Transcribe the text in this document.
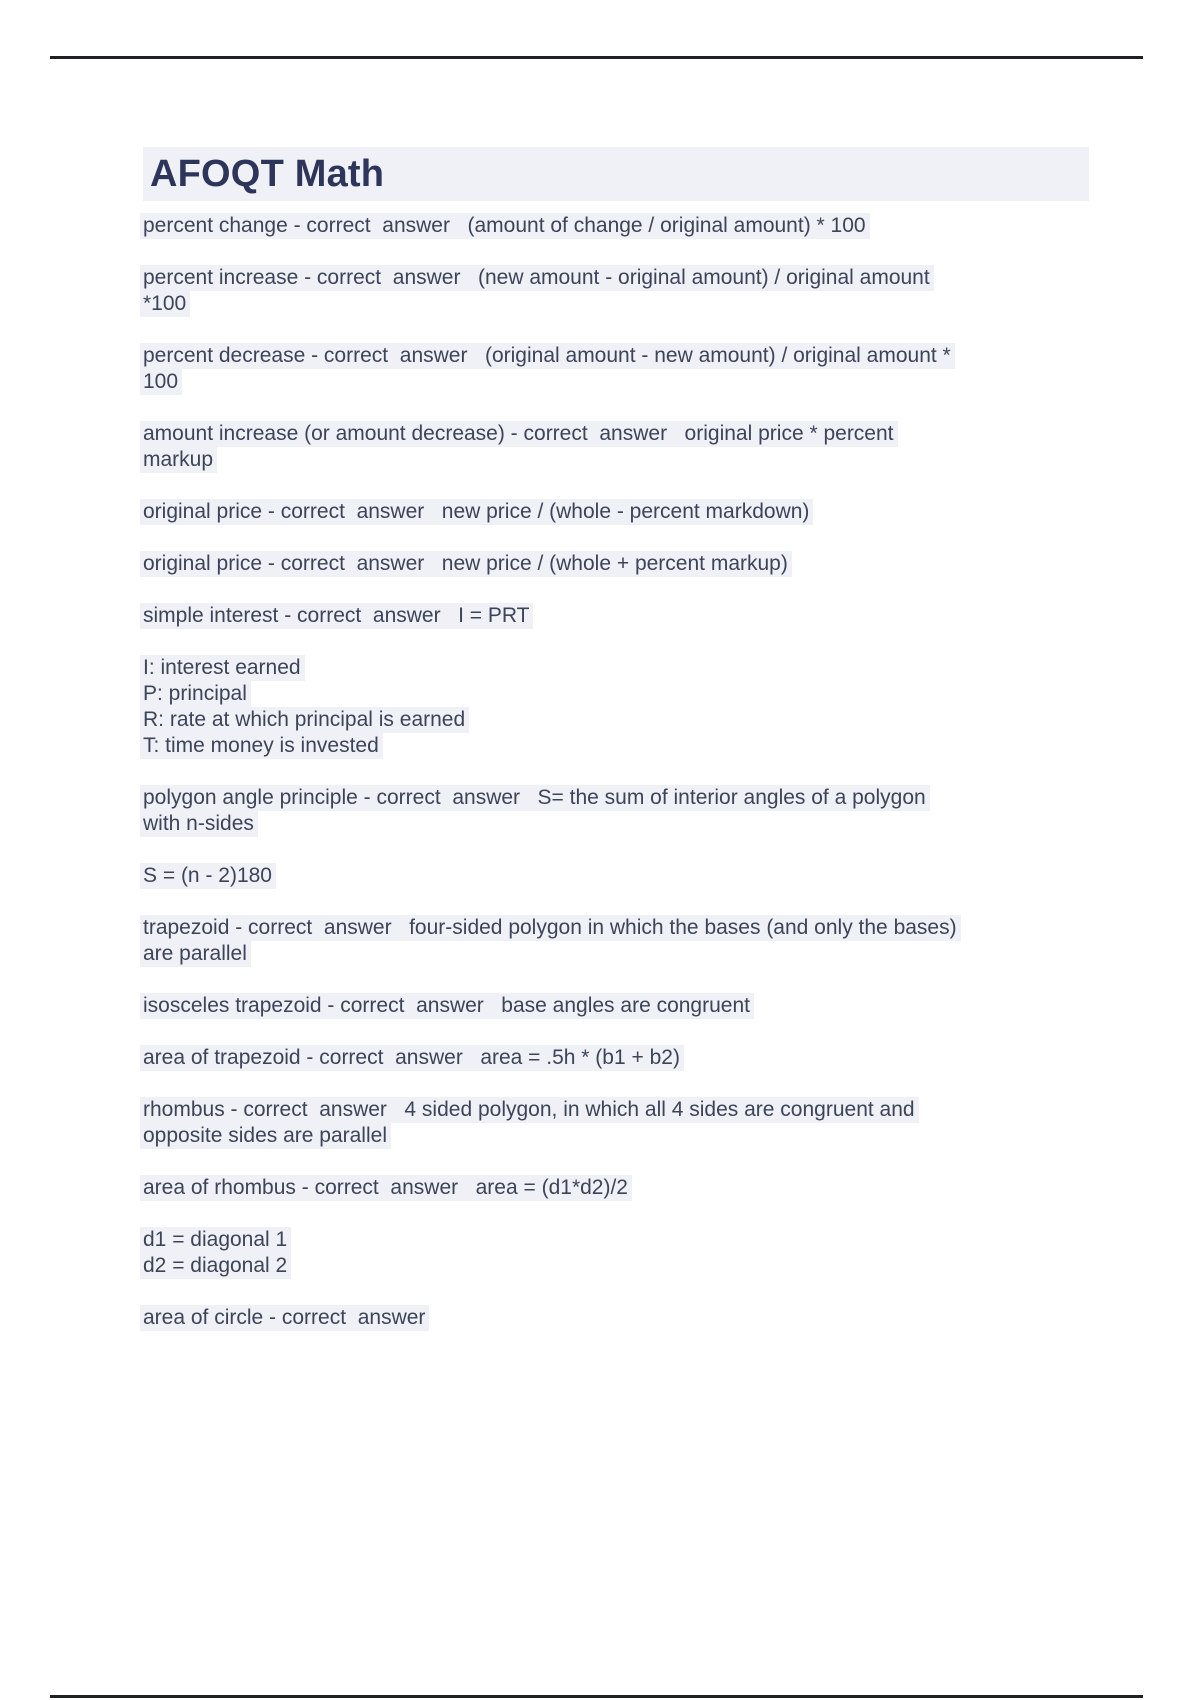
AFOQT Math

percent change - correct  answer   (amount of change / original amount) * 100

percent increase - correct  answer   (new amount - original amount) / original amount
*100

percent decrease - correct  answer   (original amount - new amount) / original amount *
100

amount increase (or amount decrease) - correct  answer   original price * percent
markup

original price - correct  answer   new price / (whole - percent markdown)

original price - correct  answer   new price / (whole + percent markup)

simple interest - correct  answer   I = PRT

I: interest earned
P: principal
R: rate at which principal is earned
T: time money is invested

polygon angle principle - correct  answer   S= the sum of interior angles of a polygon
with n-sides

S = (n - 2)180

trapezoid - correct  answer   four-sided polygon in which the bases (and only the bases)
are parallel

isosceles trapezoid - correct  answer   base angles are congruent

area of trapezoid - correct  answer   area = .5h * (b1 + b2)

rhombus - correct  answer   4 sided polygon, in which all 4 sides are congruent and
opposite sides are parallel

area of rhombus - correct  answer   area = (d1*d2)/2

d1 = diagonal 1
d2 = diagonal 2

area of circle - correct  answer
